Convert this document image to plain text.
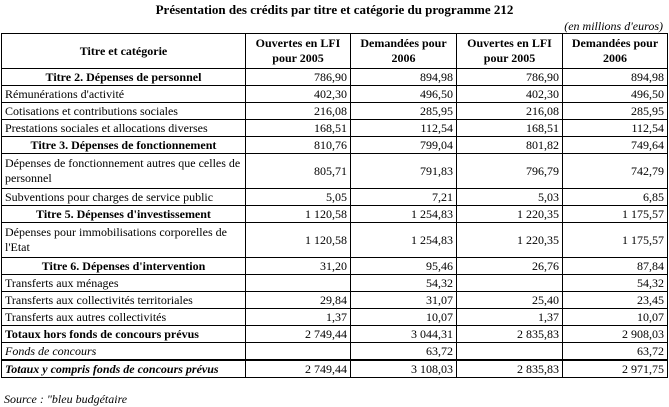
Présentation des crédits par titre et catégorie du programme 212
(en millions d'euros)
Titre et catégorie	Ouvertes en LFI pour 2005	Demandées pour 2006	Ouvertes en LFI pour 2005	Demandées pour 2006
Titre 2. Dépenses de personnel	786,90	894,98	786,90	894,98
Rémunérations d'activité	402,30	496,50	402,30	496,50
Cotisations et contributions sociales	216,08	285,95	216,08	285,95
Prestations sociales et allocations diverses	168,51	112,54	168,51	112,54
Titre 3. Dépenses de fonctionnement	810,76	799,04	801,82	749,64
Dépenses de fonctionnement autres que celles de personnel	805,71	791,83	796,79	742,79
Subventions pour charges de service public	5,05	7,21	5,03	6,85
Titre 5. Dépenses d'investissement	1 120,58	1 254,83	1 220,35	1 175,57
Dépenses pour immobilisations corporelles de l'Etat	1 120,58	1 254,83	1 220,35	1 175,57
Titre 6. Dépenses d'intervention	31,20	95,46	26,76	87,84
Transferts aux ménages		54,32		54,32
Transferts aux collectivités territoriales	29,84	31,07	25,40	23,45
Transferts aux autres collectivités	1,37	10,07	1,37	10,07
Totaux hors fonds de concours prévus	2 749,44	3 044,31	2 835,83	2 908,03
Fonds de concours		63,72		63,72
Totaux y compris fonds de concours prévus	2 749,44	3 108,03	2 835,83	2 971,75
Source : "bleu budgétaire
